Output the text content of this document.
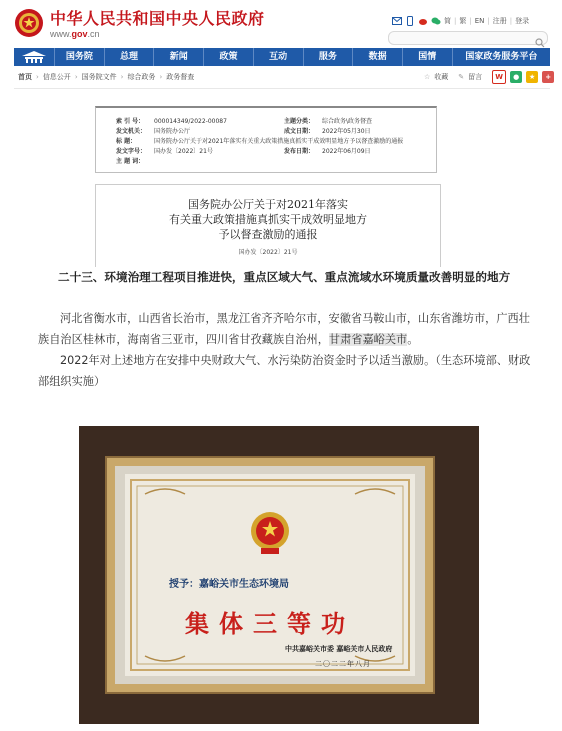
中华人民共和国中央人民政府
www.gov.cn
简 | 繁 | EN | 注册 | 登录
国务院	总理	新闻	政策	互动	服务	数据	国情	国家政务服务平台
首页 › 信息公开 › 国务院文件 › 综合政务 › 政务督查	☆ 收藏 ✎ 留言	W	●	★	+
索 引 号： 000014349/2022-00087	主题分类： 综合政务\政务督查
发文机关： 国务院办公厅	成文日期： 2022年05月30日
标 题：	国务院办公厅关于对2021年落实有关重大政策措施真抓实干成效明显地方予以督查激励的通报
发文字号： 国办发〔2022〕21号	发布日期： 2022年06月09日
主 题 词：
国务院办公厅关于对2021年落实
有关重大政策措施真抓实干成效明显地方
予以督查激励的通报
国办发〔2022〕21号
二十三、环境治理工程项目推进快，重点区域大气、重点流域水环境质量改善明显的地方
河北省衡水市，山西省长治市，黑龙江省齐齐哈尔市，安徽省马鞍山市，山东省潍坊市，广西壮族自治区桂林市，海南省三亚市，四川省甘孜藏族自治州，甘肃省嘉峪关市。
2022年对上述地方在安排中央财政大气、水污染防治资金时予以适当激励。（生态环境部、财政部组织实施）
授予：嘉峪关市生态环境局
集体三等功
中共嘉峪关市委 嘉峪关市人民政府
二〇二二年八月
